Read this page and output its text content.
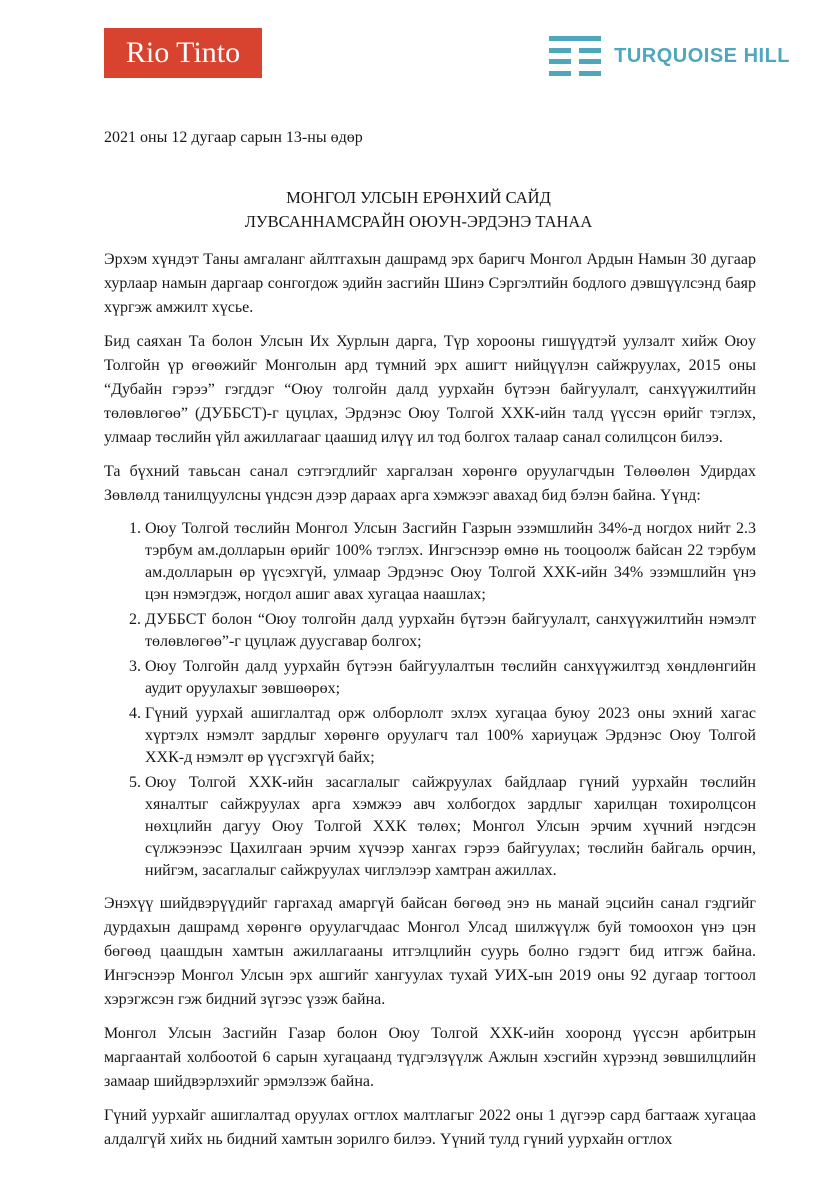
Rio Tinto	TURQUOISE HILL
2021 оны 12 дугаар сарын 13-ны өдөр
МОНГОЛ УЛСЫН ЕРӨНХИЙ САЙД
ЛУВСАННАМСРАЙН ОЮУН-ЭРДЭНЭ ТАНАА

Эрхэм хүндэт Таны амгаланг айлтгахын дашрамд эрх баригч Монгол Ардын Намын 30 дугаар хурлаар намын даргаар сонгогдож эдийн засгийн Шинэ Сэргэлтийн бодлого дэвшүүлсэнд баяр хүргэж амжилт хүсье.

Бид саяхан Та болон Улсын Их Хурлын дарга, Түр хорооны гишүүдтэй уулзалт хийж Оюу Толгойн үр өгөөжийг Монголын ард түмний эрх ашигт нийцүүлэн сайжруулах, 2015 оны “Дубайн гэрээ” гэгддэг “Оюу толгойн далд уурхайн бүтээн байгуулалт, санхүүжилтийн төлөвлөгөө” (ДУББСТ)-г цуцлах, Эрдэнэс Оюу Толгой ХХК-ийн талд үүссэн өрийг тэглэх, улмаар төслийн үйл ажиллагааг цаашид илүү ил тод болгох талаар санал солилцсон билээ.

Та бүхний тавьсан санал сэтгэгдлийг харгалзан хөрөнгө оруулагчдын Төлөөлөн Удирдах Зөвлөлд танилцуулсны үндсэн дээр дараах арга хэмжээг авахад бид бэлэн байна. Үүнд:

1. Оюу Толгой төслийн Монгол Улсын Засгийн Газрын эзэмшлийн 34%-д ногдох нийт 2.3 тэрбум ам.долларын өрийг 100% тэглэх. Ингэснээр өмнө нь тооцоолж байсан 22 тэрбум ам.долларын өр үүсэхгүй, улмаар Эрдэнэс Оюу Толгой ХХК-ийн 34% эзэмшлийн үнэ цэн нэмэгдэж, ногдол ашиг авах хугацаа наашлах;
2. ДУББСТ болон “Оюу толгойн далд уурхайн бүтээн байгуулалт, санхүүжилтийн нэмэлт төлөвлөгөө”-г цуцлаж дуусгавар болгох;
3. Оюу Толгойн далд уурхайн бүтээн байгуулалтын төслийн санхүүжилтэд хөндлөнгийн аудит оруулахыг зөвшөөрөх;
4. Гүний уурхай ашиглалтад орж олборлолт эхлэх хугацаа буюу 2023 оны эхний хагас хүртэлх нэмэлт зардлыг хөрөнгө оруулагч тал 100% хариуцаж Эрдэнэс Оюу Толгой ХХК-д нэмэлт өр үүсгэхгүй байх;
5. Оюу Толгой ХХК-ийн засаглалыг сайжруулах байдлаар гүний уурхайн төслийн хяналтыг сайжруулах арга хэмжээ авч холбогдох зардлыг харилцан тохиролцсон нөхцлийн дагуу Оюу Толгой ХХК төлөх; Монгол Улсын эрчим хүчний нэгдсэн сүлжээнээс Цахилгаан эрчим хүчээр хангах гэрээ байгуулах; төслийн байгаль орчин, нийгэм, засаглалыг сайжруулах чиглэлээр хамтран ажиллах.

Энэхүү шийдвэрүүдийг гаргахад амаргүй байсан бөгөөд энэ нь манай эцсийн санал гэдгийг дурдахын дашрамд хөрөнгө оруулагчдаас Монгол Улсад шилжүүлж буй томоохон үнэ цэн бөгөөд цаашдын хамтын ажиллагааны итгэлцлийн суурь болно гэдэгт бид итгэж байна. Ингэснээр Монгол Улсын эрх ашгийг хангуулах тухай УИХ-ын 2019 оны 92 дугаар тогтоол хэрэгжсэн гэж бидний зүгээс үзэж байна.

Монгол Улсын Засгийн Газар болон Оюу Толгой ХХК-ийн хооронд үүссэн арбитрын маргаантай холбоотой 6 сарын хугацаанд түдгэлзүүлж Ажлын хэсгийн хүрээнд зөвшилцлийн замаар шийдвэрлэхийг эрмэлзэж байна.

Гүний уурхайг ашиглалтад оруулах огтлох малтлагыг 2022 оны 1 дүгээр сард багтааж хугацаа алдалгүй хийх нь бидний хамтын зорилго билээ. Үүний тулд гүний уурхайн огтлох
